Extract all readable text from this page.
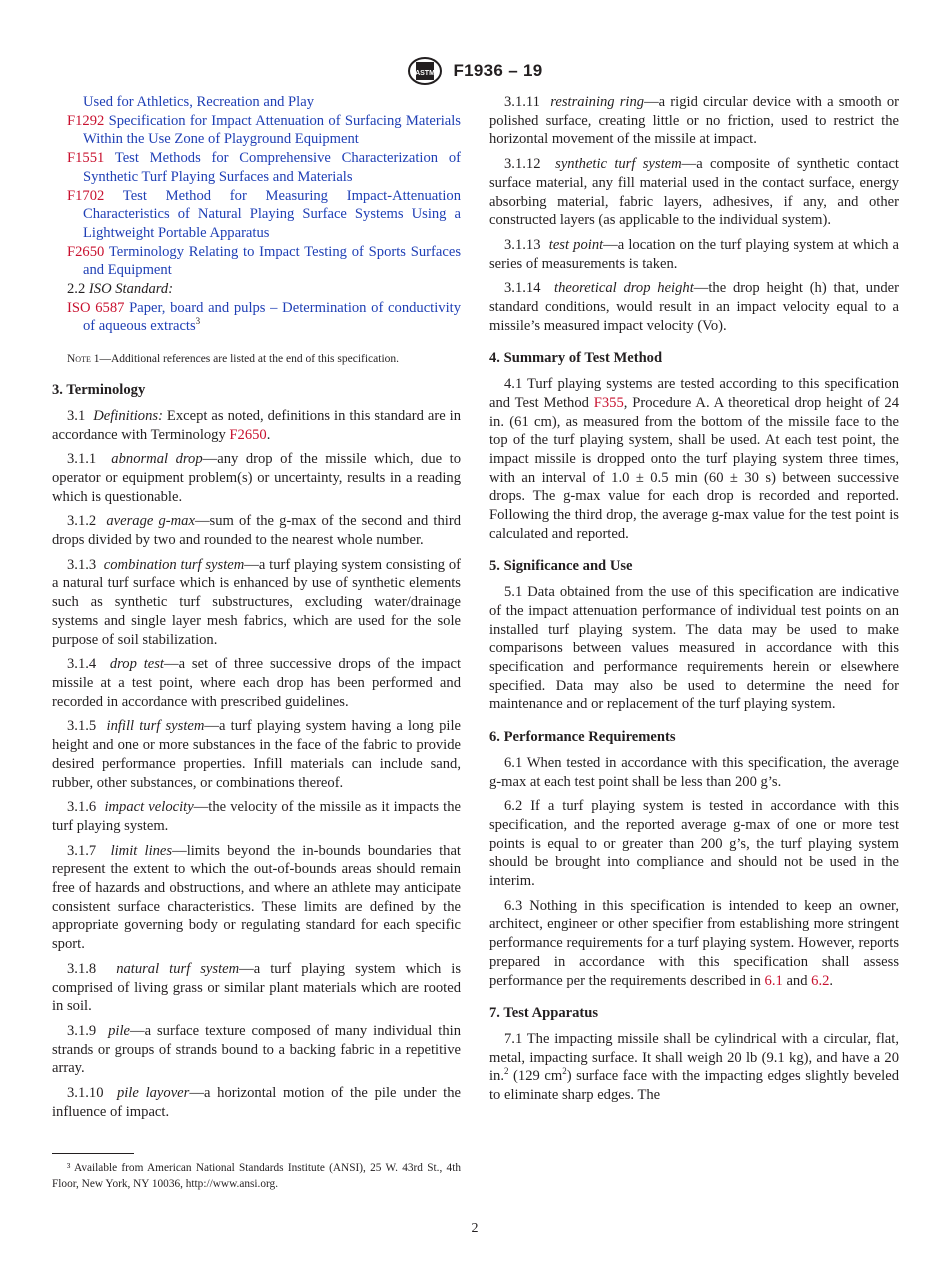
ASTM F1936 – 19

Used for Athletics, Recreation and Play

F1292 Specification for Impact Attenuation of Surfacing Materials Within the Use Zone of Playground Equipment

F1551 Test Methods for Comprehensive Characterization of Synthetic Turf Playing Surfaces and Materials

F1702 Test Method for Measuring Impact-Attenuation Characteristics of Natural Playing Surface Systems Using a Lightweight Portable Apparatus

F2650 Terminology Relating to Impact Testing of Sports Surfaces and Equipment

2.2 ISO Standard:

ISO 6587 Paper, board and pulps – Determination of conductivity of aqueous extracts$^3$

Note 1—Additional references are listed at the end of this specification.
3. Terminology

3.1 Definitions: Except as noted, definitions in this standard are in accordance with Terminology F2650.

3.1.1 abnormal drop—any drop of the missile which, due to operator or equipment problem(s) or uncertainty, results in a reading which is questionable.

3.1.2 average g-max—sum of the g-max of the second and third drops divided by two and rounded to the nearest whole number.

3.1.3 combination turf system—a turf playing system consisting of a natural turf surface which is enhanced by use of synthetic elements such as synthetic turf substructures, excluding water/drainage systems and single layer mesh fabrics, which are used for the sole purpose of soil stabilization.

3.1.4 drop test—a set of three successive drops of the impact missile at a test point, where each drop has been performed and recorded in accordance with prescribed guidelines.

3.1.5 infill turf system—a turf playing system having a long pile height and one or more substances in the face of the fabric to provide desired performance properties. Infill materials can include sand, rubber, other substances, or combinations thereof.

3.1.6 impact velocity—the velocity of the missile as it impacts the turf playing system.

3.1.7 limit lines—limits beyond the in-bounds boundaries that represent the extent to which the out-of-bounds areas should remain free of hazards and obstructions, and where an athlete may anticipate consistent surface characteristics. These limits are defined by the appropriate governing body or regulating standard for each specific sport.

3.1.8 natural turf system—a turf playing system which is comprised of living grass or similar plant materials which are rooted in soil.

3.1.9 pile—a surface texture composed of many individual thin strands or groups of strands bound to a backing fabric in a repetitive array.

3.1.10 pile layover—a horizontal motion of the pile under the influence of impact.

3.1.11 restraining ring—a rigid circular device with a smooth or polished surface, creating little or no friction, used to restrict the horizontal movement of the missile at impact.

3.1.12 synthetic turf system—a composite of synthetic contact surface material, any fill material used in the contact surface, energy absorbing material, fabric layers, adhesives, if any, and other constructed layers (as applicable to the individual system).

3.1.13 test point—a location on the turf playing system at which a series of measurements is taken.

3.1.14 theoretical drop height—the drop height (h) that, under standard conditions, would result in an impact velocity equal to a missile’s measured impact velocity (Vo).

4. Summary of Test Method

4.1 Turf playing systems are tested according to this specification and Test Method F355, Procedure A. A theoretical drop height of 24 in. (61 cm), as measured from the bottom of the missile face to the top of the turf playing system, shall be used. At each test point, the impact missile is dropped onto the turf playing system three times, with an interval of 1.0 ± 0.5 min (60 ± 30 s) between successive drops. The g-max value for each drop is recorded and reported. Following the third drop, the average g-max value for the test point is calculated and reported.

5. Significance and Use

5.1 Data obtained from the use of this specification are indicative of the impact attenuation performance of individual test points on an installed turf playing system. The data may be used to make comparisons between values measured in accordance with this specification and performance requirements herein or elsewhere specified. Data may also be used to determine the need for maintenance and or replacement of the turf playing system.

6. Performance Requirements

6.1 When tested in accordance with this specification, the average g-max at each test point shall be less than 200 g’s.

6.2 If a turf playing system is tested in accordance with this specification, and the reported average g-max of one or more test points is equal to or greater than 200 g’s, the turf playing system should be brought into compliance and should not be used in the interim.

6.3 Nothing in this specification is intended to keep an owner, architect, engineer or other specifier from establishing more stringent performance requirements for a turf playing system. However, reports prepared in accordance with this specification shall assess performance per the requirements described in 6.1 and 6.2.

7. Test Apparatus

7.1 The impacting missile shall be cylindrical with a circular, flat, metal, impacting surface. It shall weigh 20 lb (9.1 kg), and have a 20 in.$^2$ (129 $cm^2$) surface face with the impacting edges slightly beveled to eliminate sharp edges. The

³ Available from American National Standards Institute (ANSI), 25 W. 43rd St., 4th Floor, New York, NY 10036, http://www.ansi.org.
2
